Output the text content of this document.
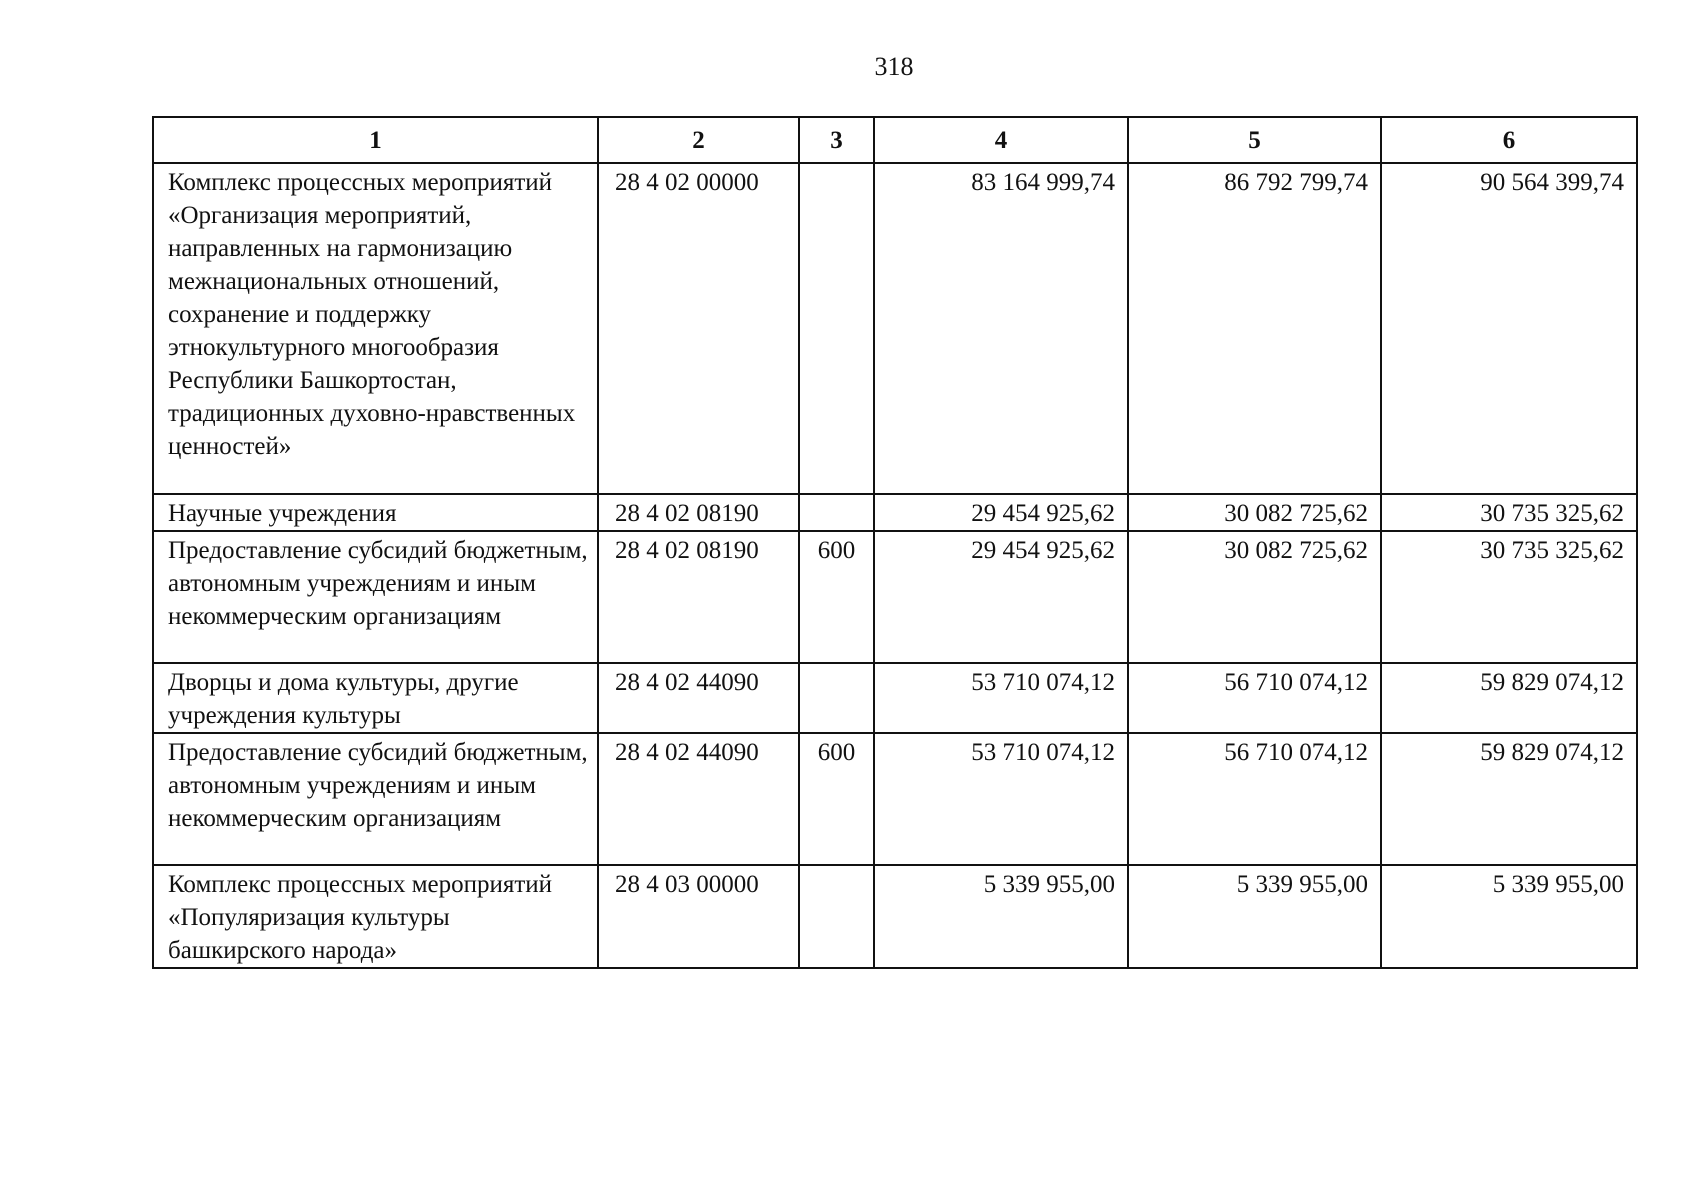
318
1	2	3	4	5	6
Комплекс процессных мероприятий «Организация мероприятий, направленных на гармонизацию межнациональных отношений, сохранение и поддержку этнокультурного многообразия Республики Башкортостан, традиционных духовно-нравственных ценностей»	28 4 02 00000		83 164 999,74	86 792 799,74	90 564 399,74
Научные учреждения	28 4 02 08190		29 454 925,62	30 082 725,62	30 735 325,62
Предоставление субсидий бюджетным, автономным учреждениям и иным некоммерческим организациям	28 4 02 08190	600	29 454 925,62	30 082 725,62	30 735 325,62
Дворцы и дома культуры, другие учреждения культуры	28 4 02 44090		53 710 074,12	56 710 074,12	59 829 074,12
Предоставление субсидий бюджетным, автономным учреждениям и иным некоммерческим организациям	28 4 02 44090	600	53 710 074,12	56 710 074,12	59 829 074,12
Комплекс процессных мероприятий «Популяризация культуры башкирского народа»	28 4 03 00000		5 339 955,00	5 339 955,00	5 339 955,00
